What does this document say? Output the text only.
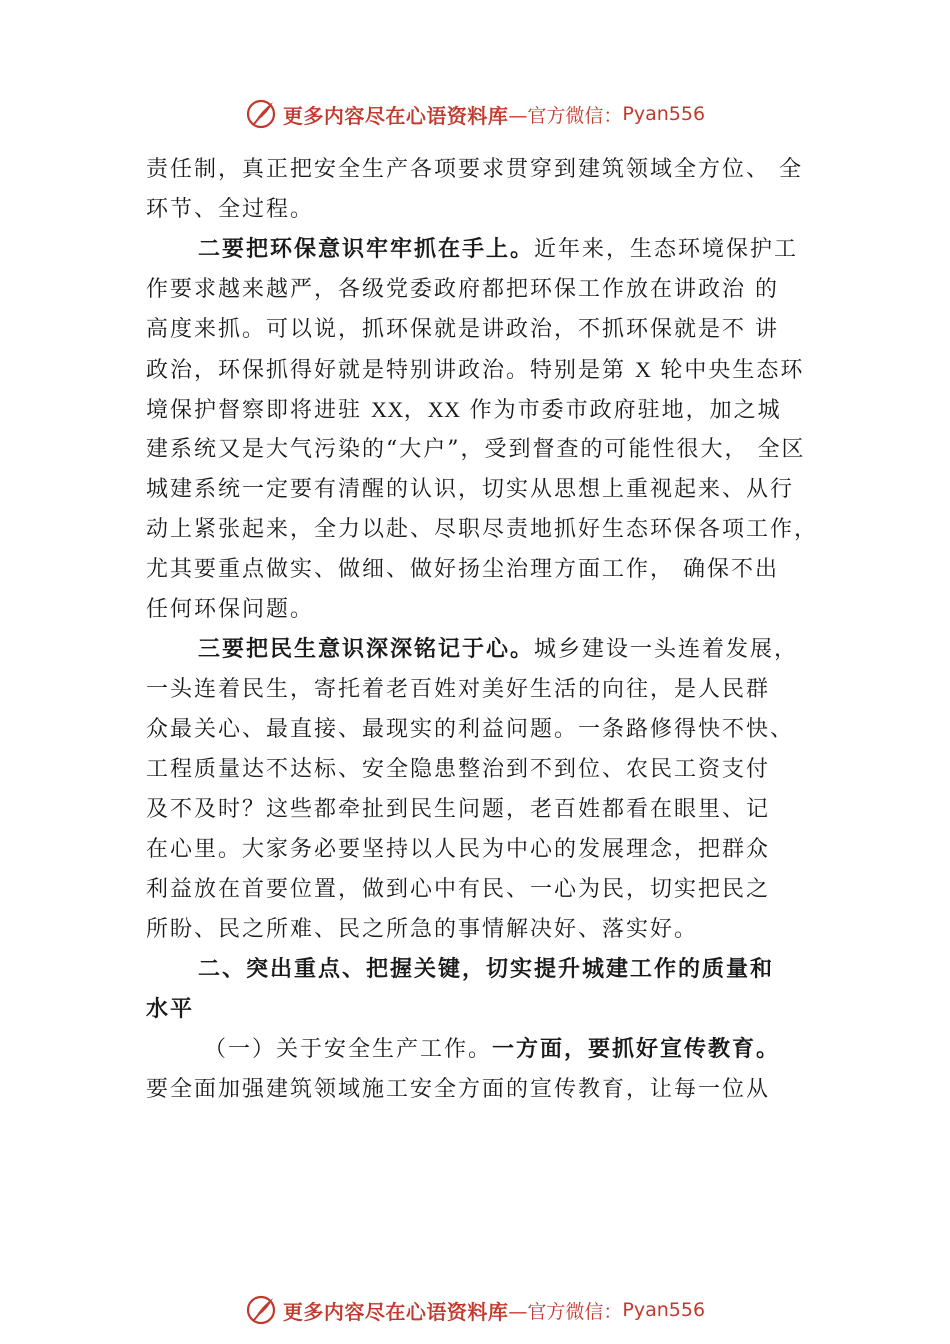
更多内容尽在心语资料库 —官方微信： Pyan556
责任制，真正把安全生产各项要求贯穿到建筑领域全方位、 全
环节、全过程。
二要把环保意识牢牢抓在手上。近年来，生态环境保护工
作要求越来越严，各级党委政府都把环保工作放在讲政治 的
高度来抓。可以说，抓环保就是讲政治，不抓环保就是不 讲
政治，环保抓得好就是特别讲政治。特别是第 X 轮中央生态环
境保护督察即将进驻 XX，XX 作为市委市政府驻地，加之城
建系统又是大气污染的“大户”，受到督查的可能性很大， 全区
城建系统一定要有清醒的认识，切实从思想上重视起来、从行
动上紧张起来，全力以赴、尽职尽责地抓好生态环保各项工作，
尤其要重点做实、做细、做好扬尘治理方面工作， 确保不出
任何环保问题。
三要把民生意识深深铭记于心。城乡建设一头连着发展，
一头连着民生，寄托着老百姓对美好生活的向往，是人民群
众最关心、最直接、最现实的利益问题。一条路修得快不快、
工程质量达不达标、安全隐患整治到不到位、农民工资支付
及不及时？这些都牵扯到民生问题，老百姓都看在眼里、记
在心里。大家务必要坚持以人民为中心的发展理念，把群众
利益放在首要位置，做到心中有民、一心为民，切实把民之
所盼、民之所难、民之所急的事情解决好、落实好。
二、突出重点、把握关键，切实提升城建工作的质量和
水平
（一）关于安全生产工作。一方面，要抓好宣传教育。
要全面加强建筑领域施工安全方面的宣传教育，让每一位从
更多内容尽在心语资料库 —官方微信： Pyan556
